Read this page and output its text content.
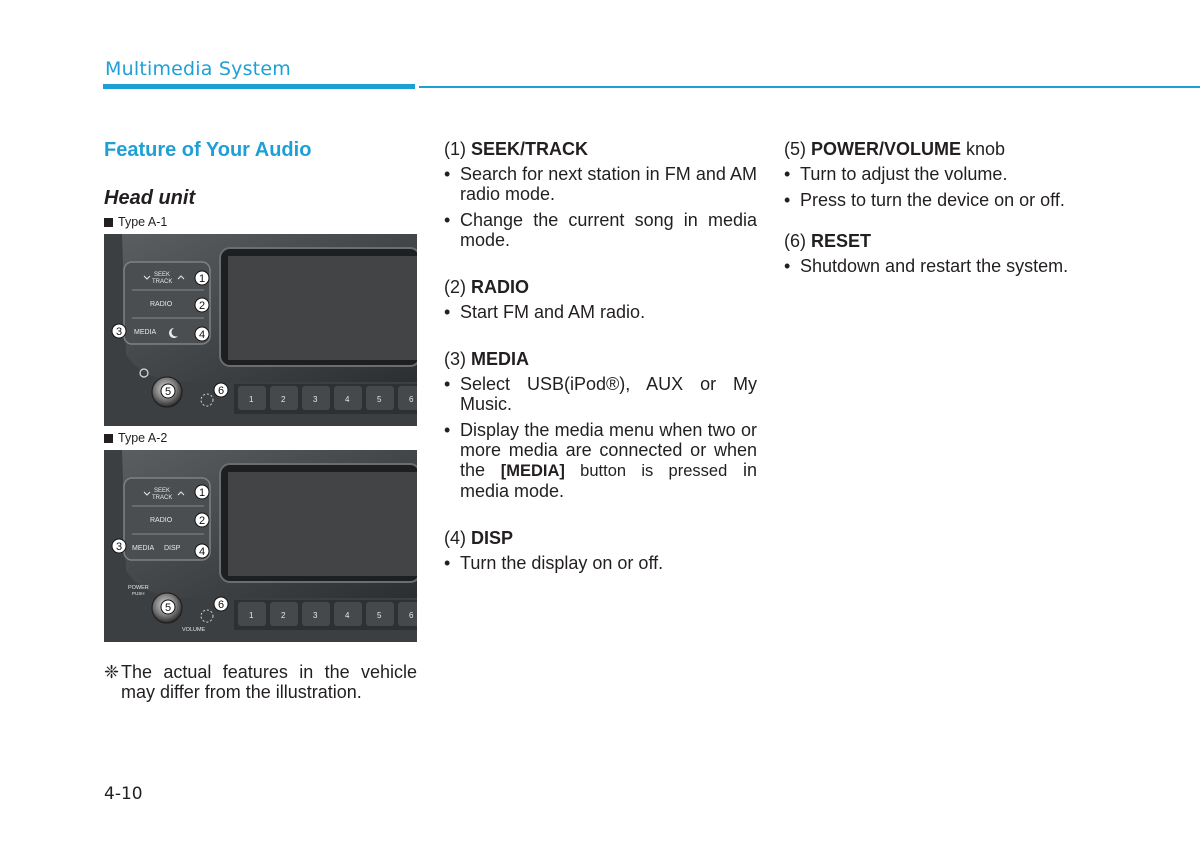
Multimedia System
Feature of Your Audio
Head unit
Type A-1
SEEK
TRACK
RADIO
MEDIA
1	2	3	4	5	6
1
2
3	4
5	6
Type A-2
SEEK
TRACK
RADIO
MEDIA DISP
1	2	3	4	5	6
POWER
PUSH
VOLUME
1
2
3	4
5	6
❈ The actual features in the vehicle may differ from the illustration.

(1) SEEK/TRACK

• Search for next station in FM and AM radio mode.
• Change the current song in media mode.

(2) RADIO

• Start FM and AM radio.

(3) MEDIA

• Select USB(iPod®), AUX or My Music.
• Display the media menu when two or more media are connected or when the [MEDIA] button is pressed in media mode.

(4) DISP

• Turn the display on or off.

(5) POWER/VOLUME knob

• Turn to adjust the volume.
• Press to turn the device on or off.

(6) RESET

• Shutdown and restart the system.
4-10
